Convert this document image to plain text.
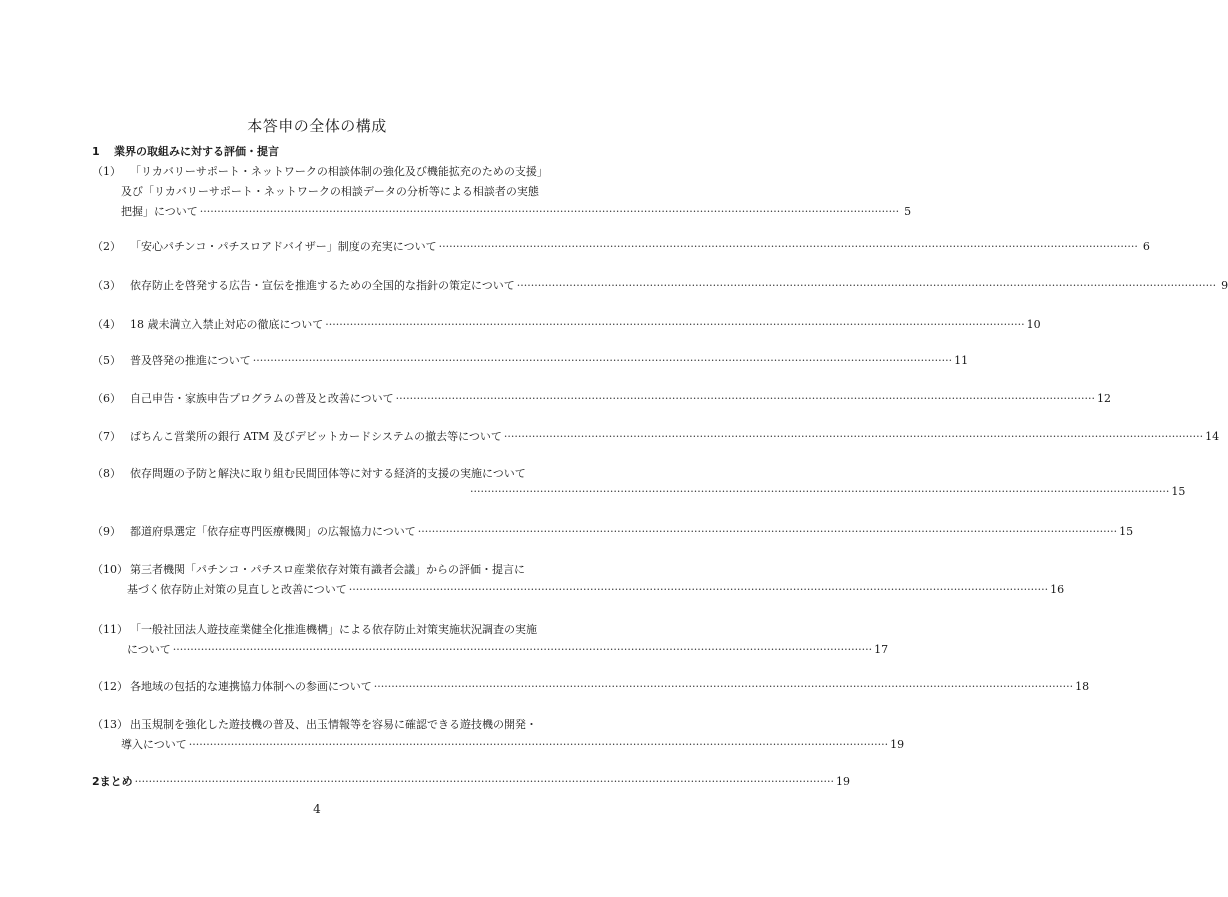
本答申の全体の構成
1 業界の取組みに対する評価・提言
（1） 「リカバリーサポート・ネットワークの相談体制の強化及び機能拡充のための支援」
及び「リカバリーサポート・ネットワークの相談データの分析等による相談者の実態
把握」について ········································································································································································································ 5
（2） 「安心パチンコ・パチスロアドバイザー」制度の充実について ········································································································································································································ 6
（3） 依存防止を啓発する広告・宣伝を推進するための全国的な指針の策定について ········································································································································································································ 9
（4） 18 歳未満立入禁止対応の徹底について ········································································································································································································ 10
（5） 普及啓発の推進について ········································································································································································································ 11
（6） 自己申告・家族申告プログラムの普及と改善について ········································································································································································································ 12
（7） ぱちんこ営業所の銀行 ATM 及びデビットカードシステムの撤去等について ········································································································································································································ 14
（8） 依存問題の予防と解決に取り組む民間団体等に対する経済的支援の実施について
········································································································································································································ 15
（9） 都道府県選定「依存症専門医療機関」の広報協力について ········································································································································································································ 15
（10） 第三者機関「パチンコ・パチスロ産業依存対策有識者会議」からの評価・提言に
基づく依存防止対策の見直しと改善について ········································································································································································································ 16
（11） 「一般社団法人遊技産業健全化推進機構」による依存防止対策実施状況調査の実施
について ········································································································································································································ 17
（12） 各地域の包括的な連携協力体制への参画について ········································································································································································································ 18
（13） 出玉規制を強化した遊技機の普及、出玉情報等を容易に確認できる遊技機の開発・
導入について ········································································································································································································ 19
2 まとめ ········································································································································································································ 19
4
